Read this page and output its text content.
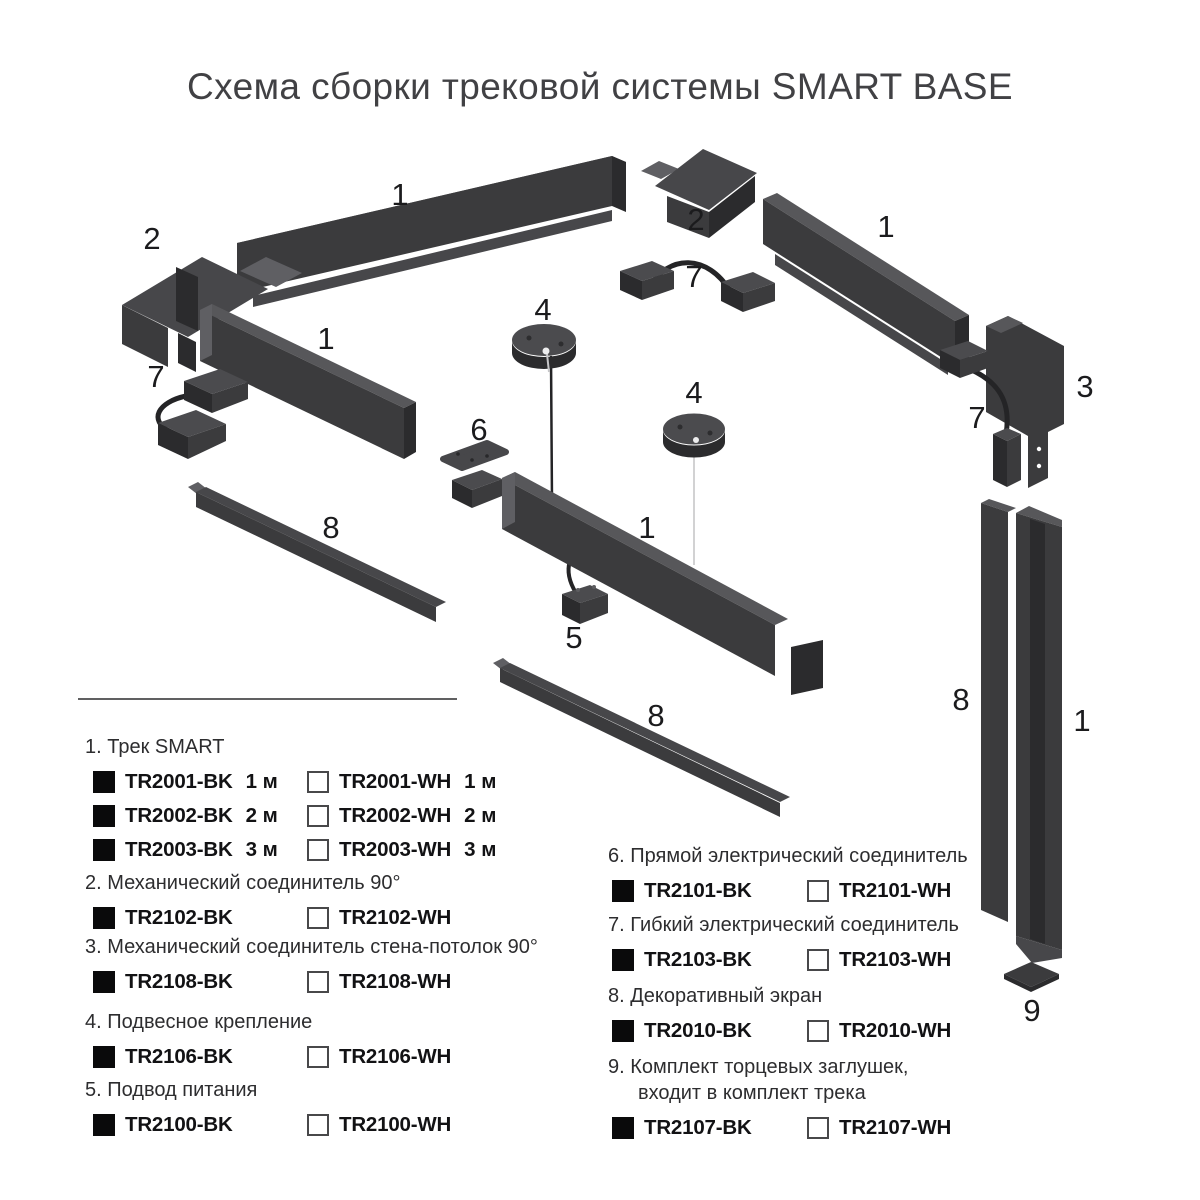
Схема сборки трековой системы SMART BASE
1
2
7
1
8
4
6
1
5
8
2
7
4
1
3
7
8
1
9
1. Трек SMART
TR2001-BK 1 м	TR2001-WH 1 м
TR2002-BK 2 м	TR2002-WH 2 м
TR2003-BK 3 м	TR2003-WH 3 м
2. Механический соединитель 90°
TR2102-BK	TR2102-WH
3. Механический соединитель стена-потолок 90°
TR2108-BK	TR2108-WH
4. Подвесное крепление
TR2106-BK	TR2106-WH
5. Подвод питания
TR2100-BK	TR2100-WH
6. Прямой электрический соединитель
TR2101-BK	TR2101-WH
7. Гибкий электрический соединитель
TR2103-BK	TR2103-WH
8. Декоративный экран
TR2010-BK	TR2010-WH
9. Комплект торцевых заглушек,
входит в комплект трека
TR2107-BK	TR2107-WH
